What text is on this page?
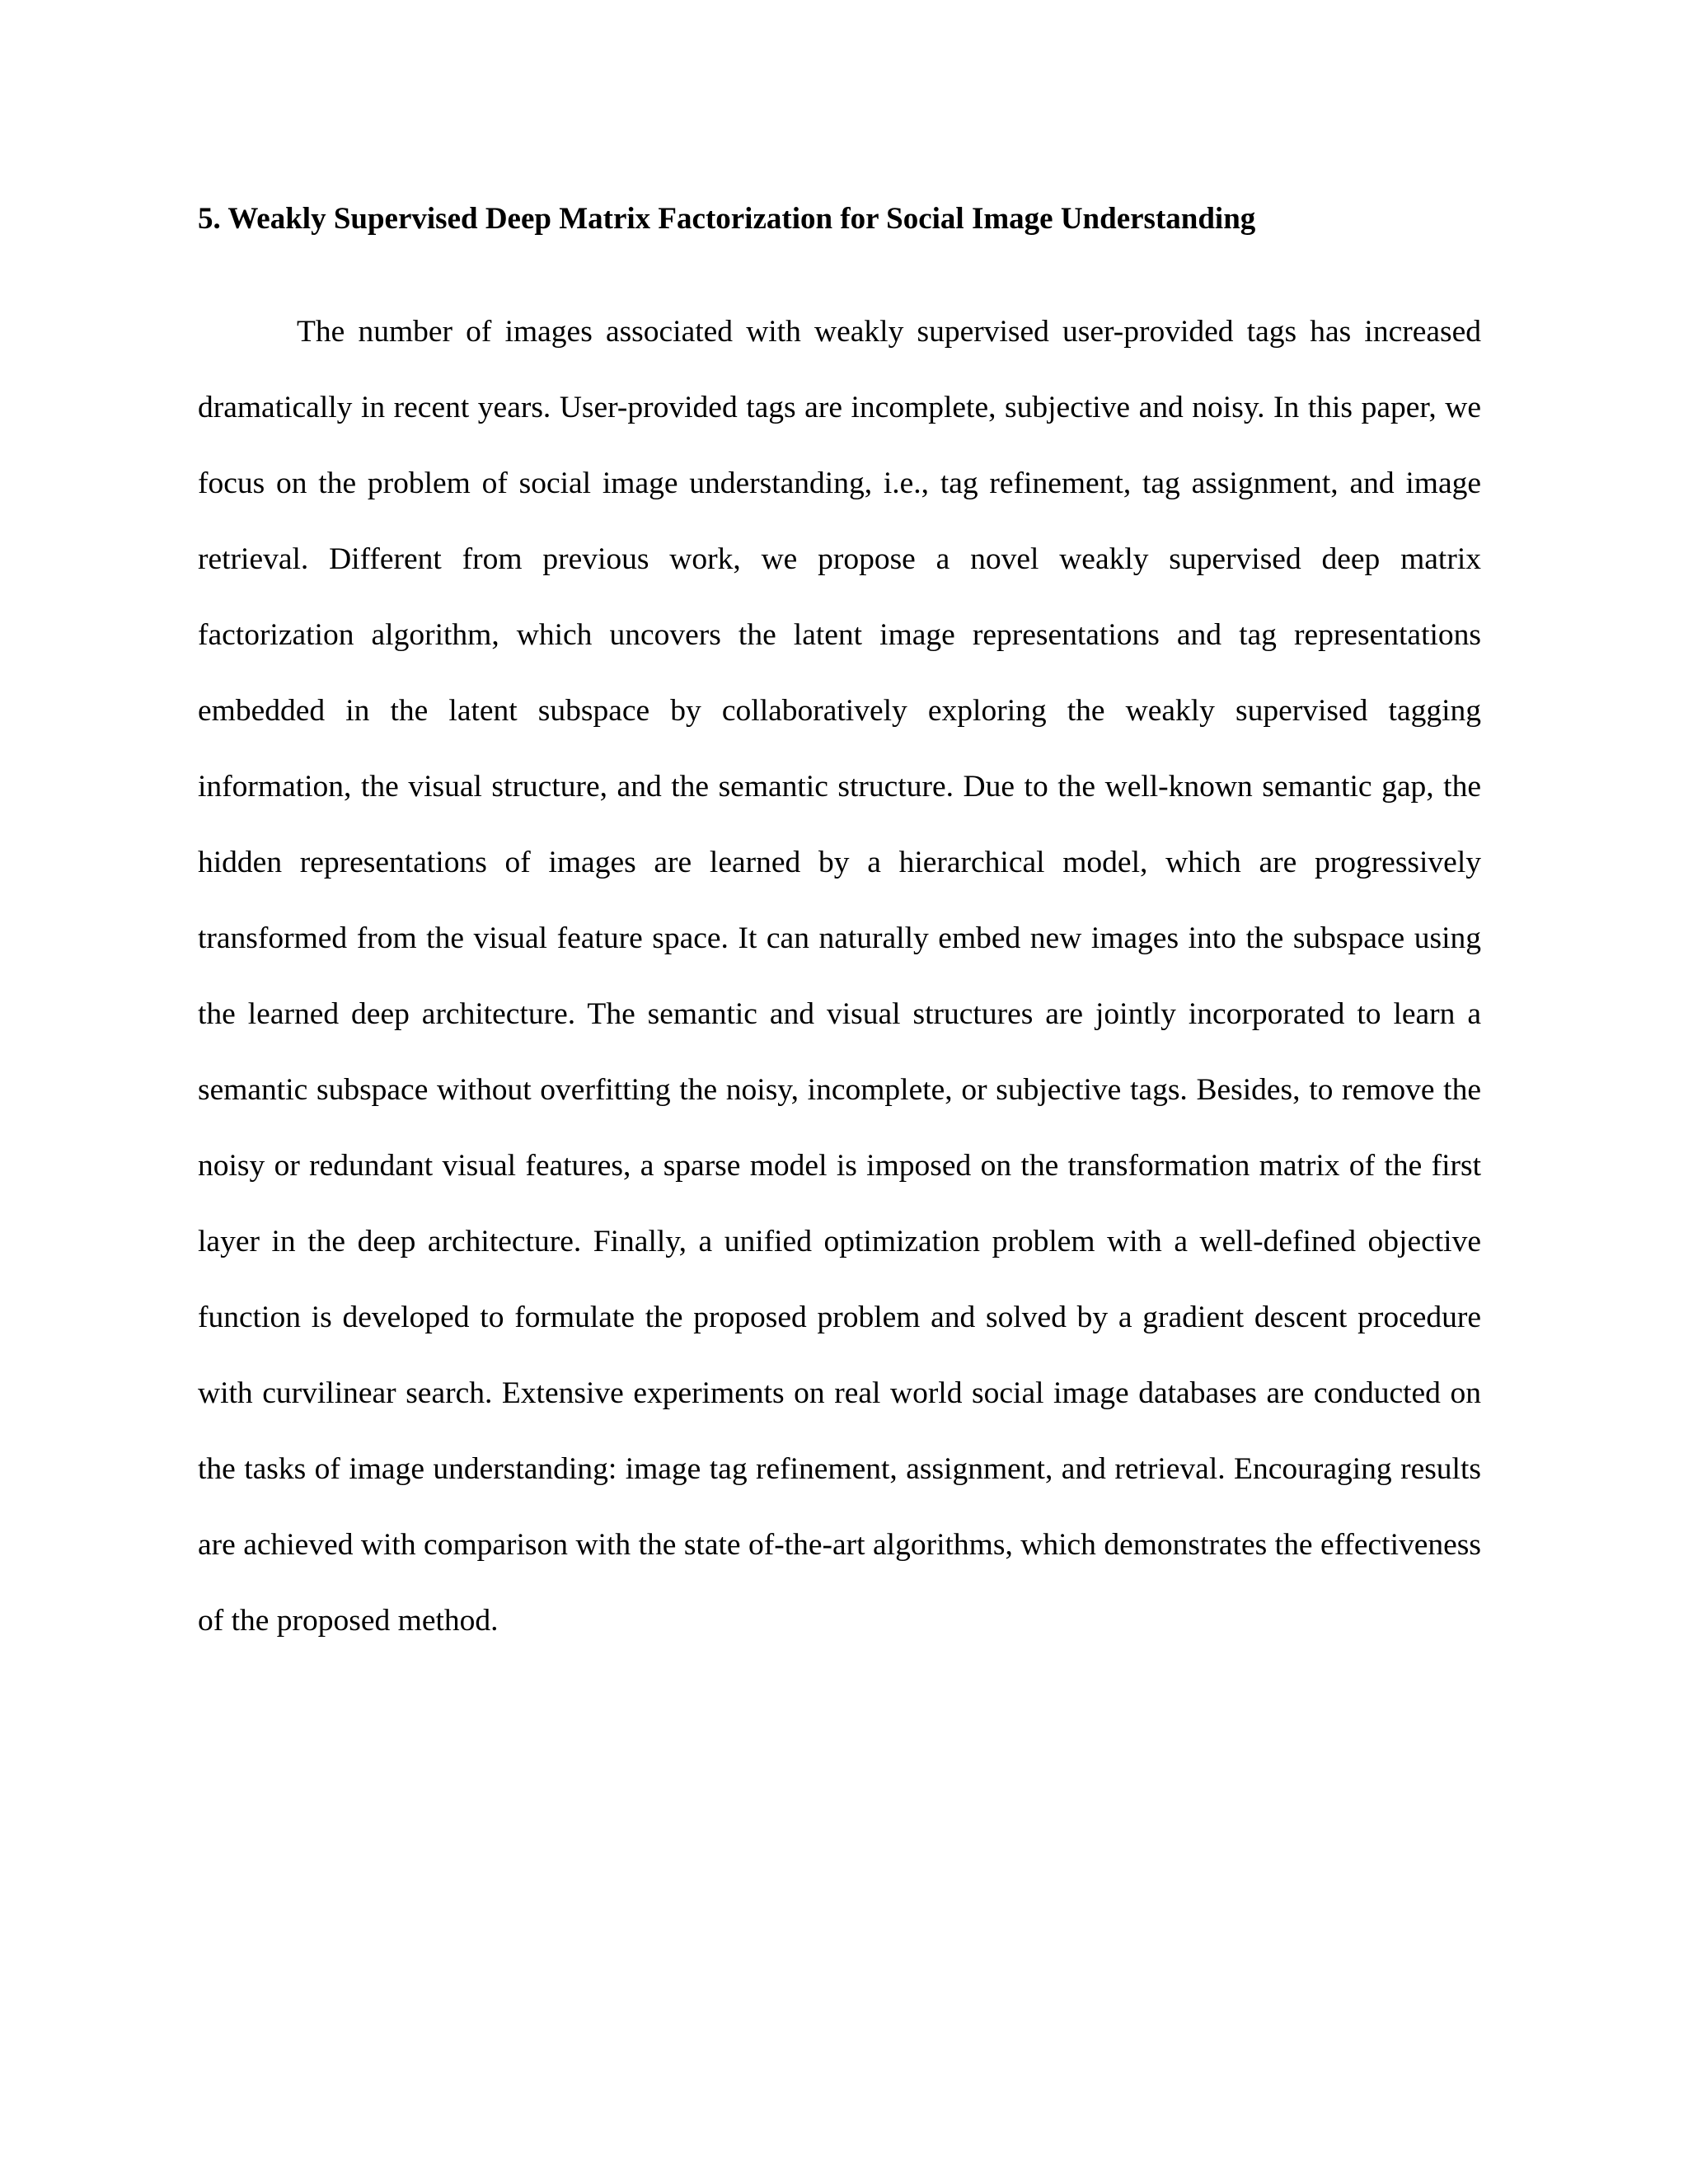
5. Weakly Supervised Deep Matrix Factorization for Social Image Understanding

The number of images associated with weakly supervised user-provided tags has increased dramatically in recent years. User-provided tags are incomplete, subjective and noisy. In this paper, we focus on the problem of social image understanding, i.e., tag refinement, tag assignment, and image retrieval. Different from previous work, we propose a novel weakly supervised deep matrix factorization algorithm, which uncovers the latent image representations and tag representations embedded in the latent subspace by collaboratively exploring the weakly supervised tagging information, the visual structure, and the semantic structure. Due to the well-known semantic gap, the hidden representations of images are learned by a hierarchical model, which are progressively transformed from the visual feature space. It can naturally embed new images into the subspace using the learned deep architecture. The semantic and visual structures are jointly incorporated to learn a semantic subspace without overfitting the noisy, incomplete, or subjective tags. Besides, to remove the noisy or redundant visual features, a sparse model is imposed on the transformation matrix of the first layer in the deep architecture. Finally, a unified optimization problem with a well-defined objective function is developed to formulate the proposed problem and solved by a gradient descent procedure with curvilinear search. Extensive experiments on real world social image databases are conducted on the tasks of image understanding: image tag refinement, assignment, and retrieval. Encouraging results are achieved with comparison with the state of-the-art algorithms, which demonstrates the effectiveness of the proposed method.
